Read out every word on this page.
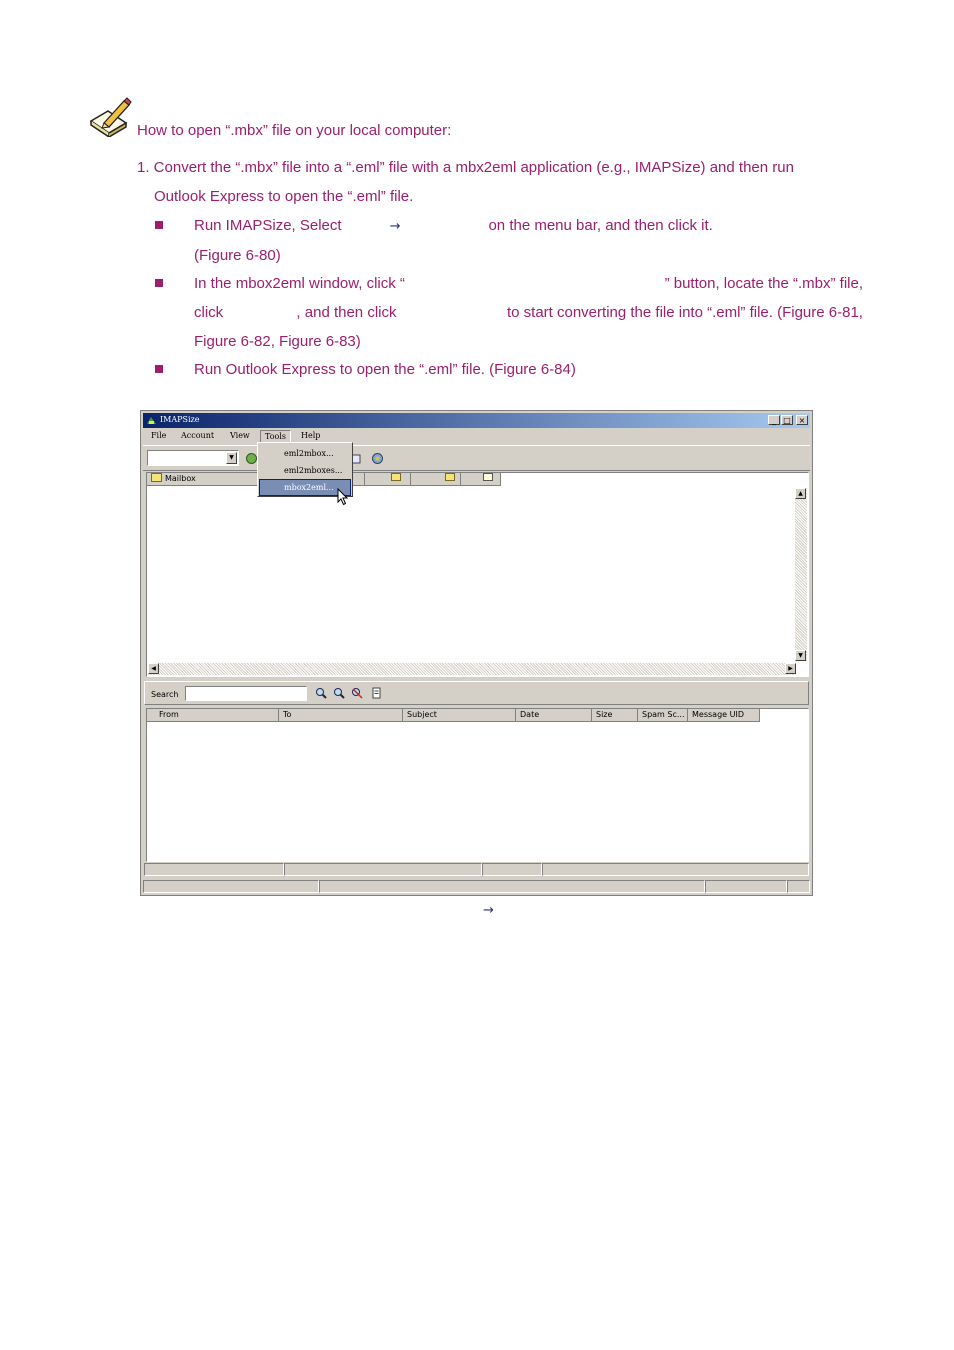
How to open “.mbx” file on your local computer:
1. Convert the “.mbx” file into a “.eml” file with a mbx2eml application (e.g., IMAPSize) and then run
Outlook Express to open the “.eml” file.
Run IMAPSize, Select	→	on the menu bar, and then click it.
(Figure 6-80)
In the mbox2eml window, click “	” button, locate the “.mbx” file,
click	, and then click	to start converting the file into “.eml” file. (Figure 6-81,
Figure 6-82, Figure 6-83)
Run Outlook Express to open the “.eml” file. (Figure 6-84)
IMAPSize	_ □ ×
File	Account	View	Tools	Help
▼
Mailbox
▲
▼
◀	▶
Search
From	To	Subject	Date	Size	Spam Sc... Message UID
eml2mbox...
eml2mboxes...
mbox2eml...
→
